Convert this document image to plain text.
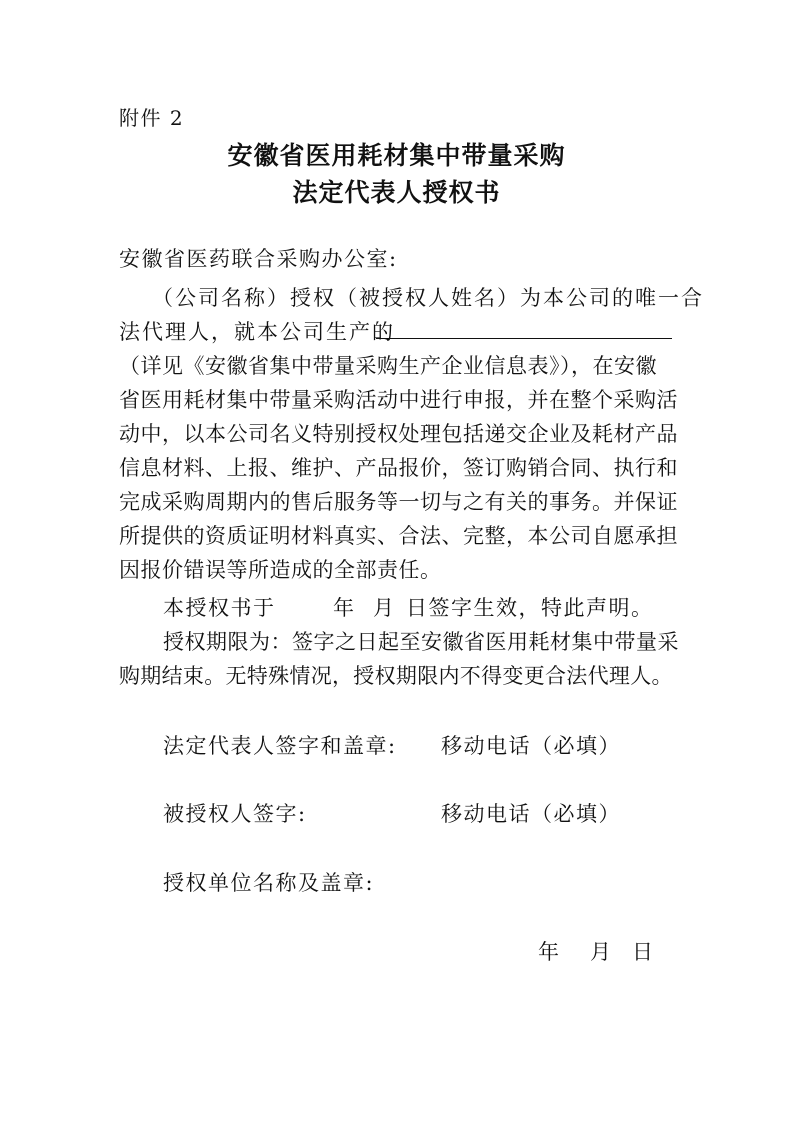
附件 2
安徽省医用耗材集中带量采购
法定代表人授权书
安徽省医药联合采购办公室:
（公司名称）授权（被授权人姓名）为本公司的唯一合
法代理人，就本公司生产的
（详见《安徽省集中带量采购生产企业信息表》），在安徽
省医用耗材集中带量采购活动中进行申报，并在整个采购活
动中，以本公司名义特别授权处理包括递交企业及耗材产品
信息材料、上报、维护、产品报价，签订购销合同、执行和
完成采购周期内的售后服务等一切与之有关的事务。并保证
所提供的资质证明材料真实、合法、完整，本公司自愿承担
因报价错误等所造成的全部责任。
本授权书于	年 月 日签字生效，特此声明。
授权期限为：签字之日起至安徽省医用耗材集中带量采
购期结束。无特殊情况，授权期限内不得变更合法代理人。
法定代表人签字和盖章: 移动电话（必填）
被授权人签字:	移动电话（必填）
授权单位名称及盖章:
年 月 日
